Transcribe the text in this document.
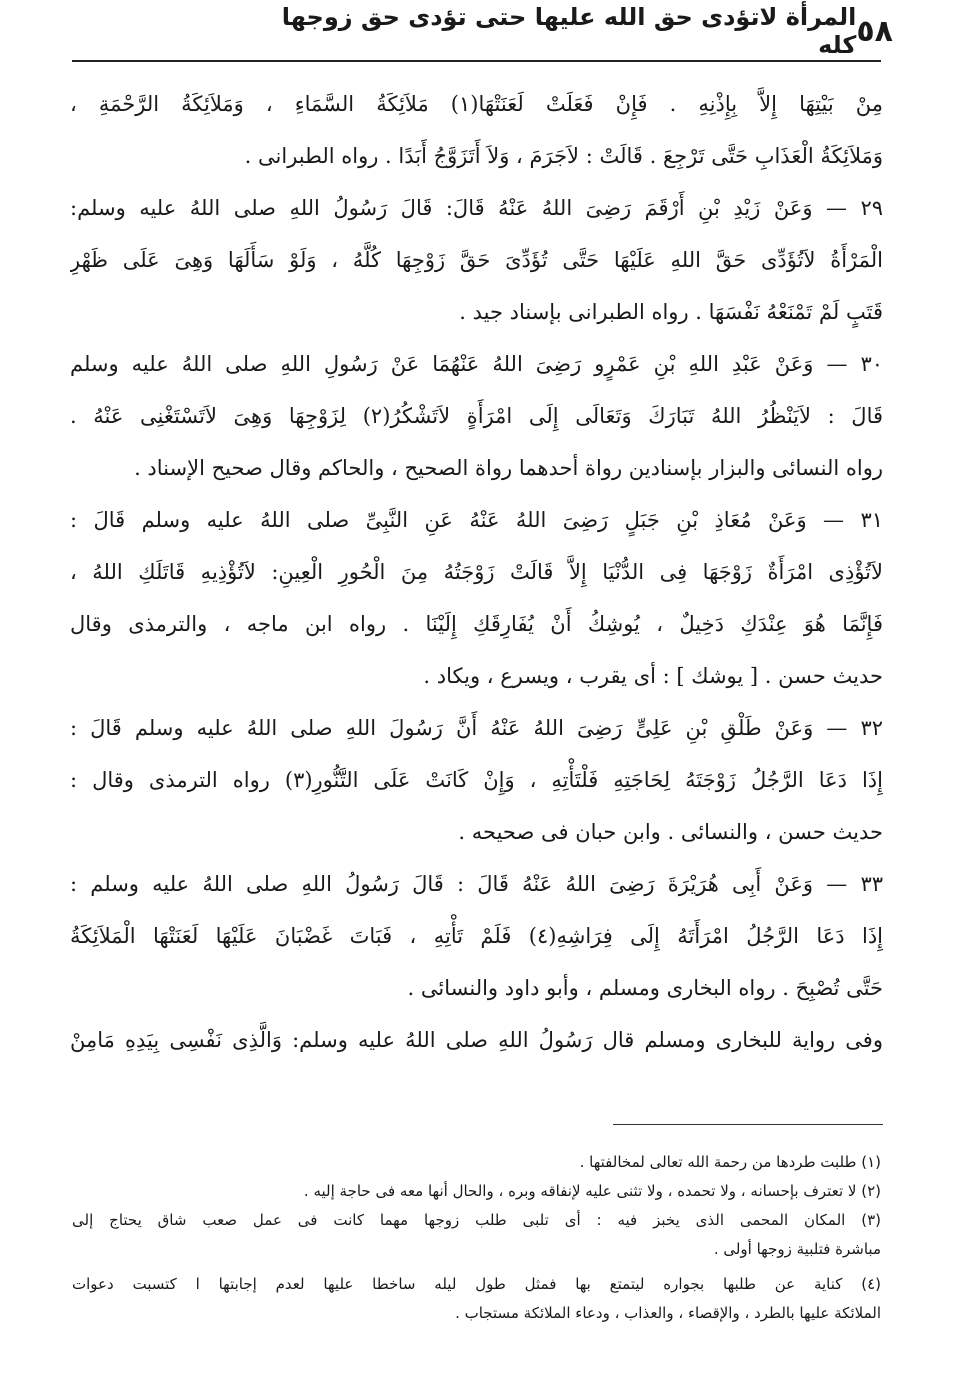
٥٨
المرأة لاتؤدى حق الله عليها حتى تؤدى حق زوجها كله
مِنْ بَيْتِهَا إِلاَّ بِإِذْنِهِ . فَإِنْ فَعَلَتْ لَعَنَتْهَا(١) مَلاَئِكَةُ السَّمَاءِ ، وَمَلاَئِكَةُ الرَّحْمَةِ ،
وَمَلاَئِكَةُ الْعَذَابِ حَتَّى تَرْجِعَ . قَالَتْ : لاَجَرَمَ ، وَلاَ أَتَزَوَّجُ أَبَدًا . رواه الطبرانى .
٢٩ — وَعَنْ زَيْدِ بْنِ أَرْقَمَ رَضِىَ اللهُ عَنْهُ قَالَ: قَالَ رَسُولُ اللهِ صلى اللهُ عليه وسلم:
الْمَرْأَةُ لاَتُؤَدِّى حَقَّ اللهِ عَلَيْهَا حَتَّى تُؤَدِّىَ حَقَّ زَوْجِهَا كُلَّهُ ، وَلَوْ سَأَلَهَا وَهِىَ عَلَى ظَهْرِ
قَتَبٍ لَمْ تَمْنَعْهُ نَفْسَهَا . رواه الطبرانى بإسناد جيد .
٣٠ — وَعَنْ عَبْدِ اللهِ بْنِ عَمْرٍو رَضِىَ اللهُ عَنْهُمَا عَنْ رَسُولِ اللهِ صلى اللهُ عليه وسلم
قَالَ : لاَيَنْظُرُ اللهُ تَبَارَكَ وَتَعَالَى إِلَى امْرَأَةٍ لاَتَشْكُرُ(٢) لِزَوْجِهَا وَهِىَ لاَتَسْتَغْنِى عَنْهُ .
رواه النسائى والبزار بإسنادين رواة أحدهما رواة الصحيح ، والحاكم وقال صحيح الإسناد .
٣١ — وَعَنْ مُعَاذِ بْنِ جَبَلٍ رَضِىَ اللهُ عَنْهُ عَنِ النَّبِىِّ صلى اللهُ عليه وسلم قَالَ :
لاَتُؤْذِى امْرَأَةٌ زَوْجَهَا فِى الدُّنْيَا إِلاَّ قَالَتْ زَوْجَتُهُ مِنَ الْحُورِ الْعِينِ: لاَتُؤْذِيهِ قَاتَلَكِ اللهُ ،
فَإِنَّمَا هُوَ عِنْدَكِ دَخِيلٌ ، يُوشِكُ أَنْ يُفَارِقَكِ إِلَيْنَا . رواه ابن ماجه ، والترمذى وقال
حديث حسن . [ يوشك ] : أى يقرب ، ويسرع ، ويكاد .
٣٢ — وَعَنْ طَلْقِ بْنِ عَلِىٍّ رَضِىَ اللهُ عَنْهُ أَنَّ رَسُولَ اللهِ صلى اللهُ عليه وسلم قَالَ :
إِذَا دَعَا الرَّجُلُ زَوْجَتَهُ لِحَاجَتِهِ فَلْتَأْتِهِ ، وَإِنْ كَانَتْ عَلَى التَّنُّورِ(٣) رواه الترمذى وقال :
حديث حسن ، والنسائى . وابن حبان فى صحيحه .
٣٣ — وَعَنْ أَبِى هُرَيْرَةَ رَضِىَ اللهُ عَنْهُ قَالَ : قَالَ رَسُولُ اللهِ صلى اللهُ عليه وسلم :
إِذَا دَعَا الرَّجُلُ امْرَأَتَهُ إِلَى فِرَاشِهِ(٤) فَلَمْ تَأْتِهِ ، فَبَاتَ غَضْبَانَ عَلَيْهَا لَعَنَتْهَا الْمَلاَئِكَةُ
حَتَّى تُصْبِحَ . رواه البخارى ومسلم ، وأبو داود والنسائى .
وفى رواية للبخارى ومسلم قال رَسُولُ اللهِ صلى اللهُ عليه وسلم: وَالَّذِى نَفْسِى بِيَدِهِ مَامِنْ
(١) طلبت طردها من رحمة الله تعالى لمخالفتها .
(٢) لا تعترف بإحسانه ، ولا تحمده ، ولا تثنى عليه لإنفاقه وبره ، والحال أنها معه فى حاجة إليه .
(٣) المكان المحمى الذى يخبز فيه : أى تلبى طلب زوجها مهما كانت فى عمل صعب شاق يحتاج إلى
مباشرة فتلبية زوجها أولى .
(٤) كناية عن طلبها بجواره ليتمتع بها فمثل طول ليله ساخطا عليها لعدم إجابتها ا كتسبت دعوات
الملائكة عليها بالطرد ، والإقصاء ، والعذاب ، ودعاء الملائكة مستجاب .
